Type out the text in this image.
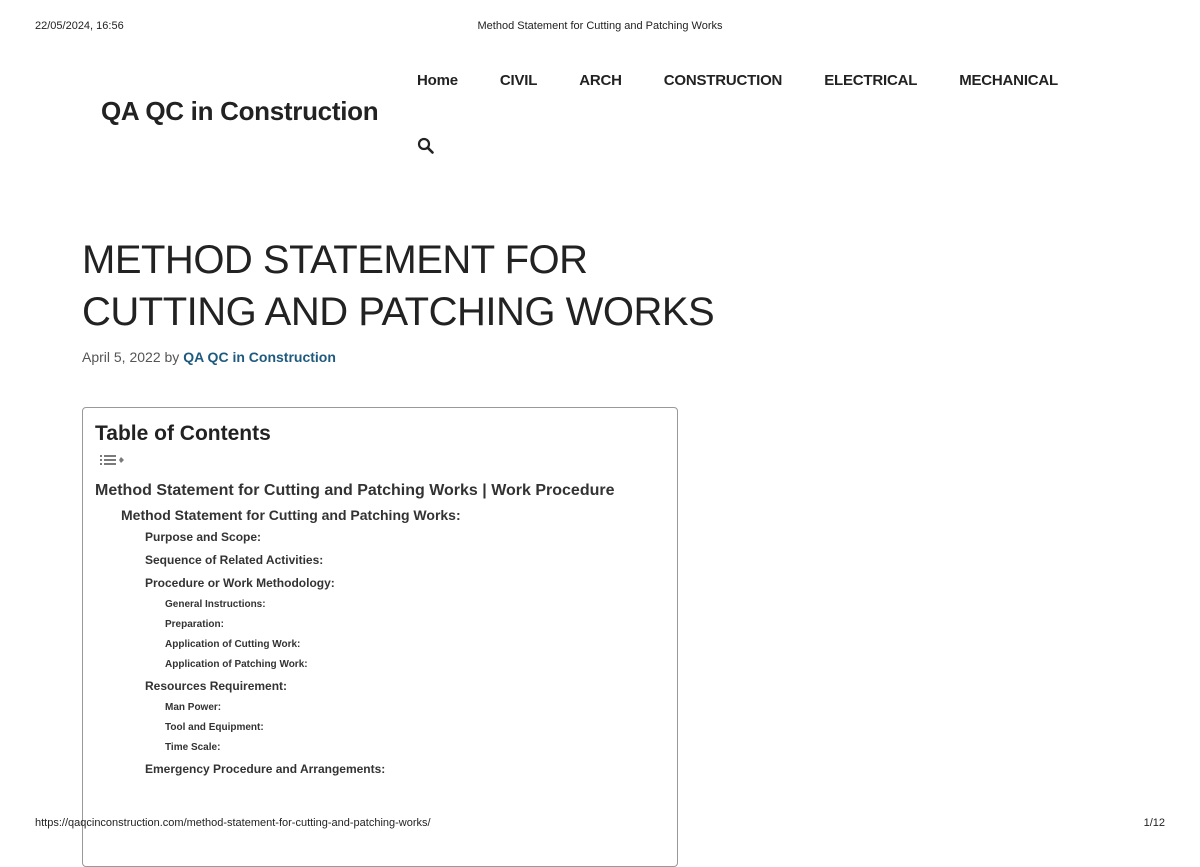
22/05/2024, 16:56	Method Statement for Cutting and Patching Works
QA QC in Construction
Home	CIVIL	ARCH	CONSTRUCTION	ELECTRICAL	MECHANICAL
METHOD STATEMENT FOR
CUTTING AND PATCHING WORKS
April 5, 2022 by QA QC in Construction
Table of Contents
Method Statement for Cutting and Patching Works | Work Procedure
Method Statement for Cutting and Patching Works:
Purpose and Scope:
Sequence of Related Activities:
Procedure or Work Methodology:
General Instructions:
Preparation:
Application of Cutting Work:
Application of Patching Work:
Resources Requirement:
Man Power:
Tool and Equipment:
Time Scale:
Emergency Procedure and Arrangements:
https://qaqcinconstruction.com/method-statement-for-cutting-and-patching-works/	1/12
